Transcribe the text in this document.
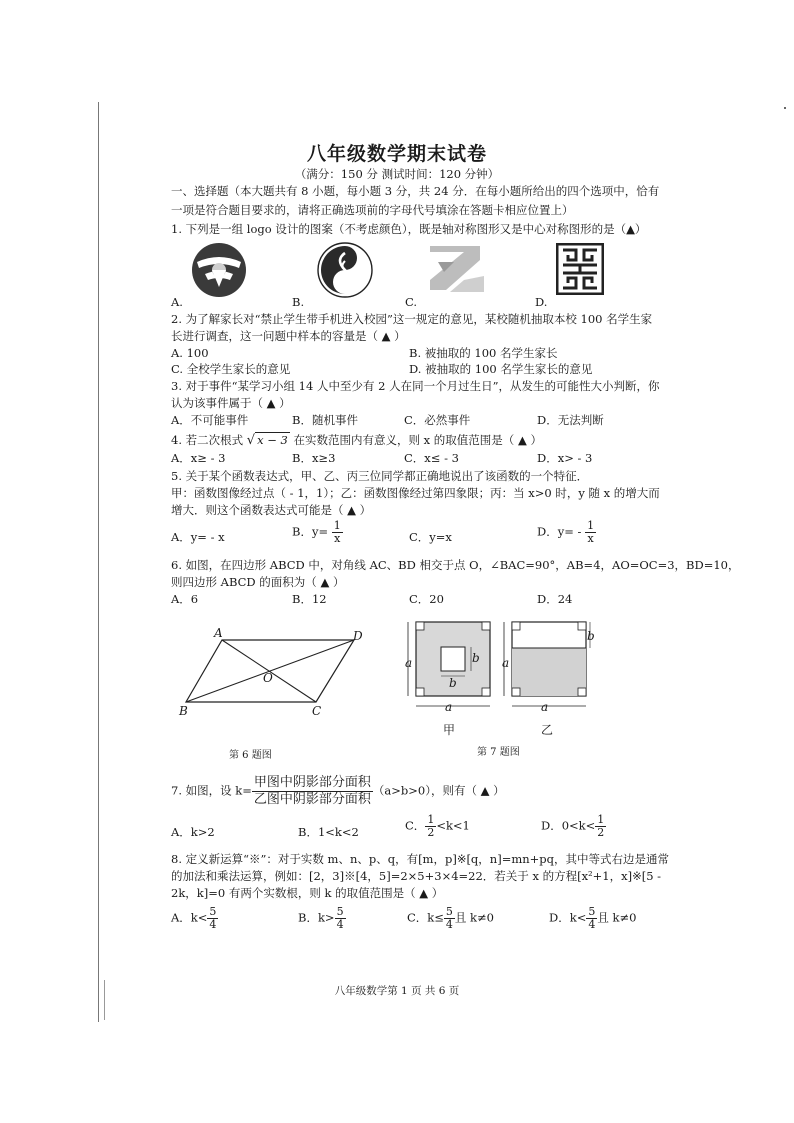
八年级数学期末试卷
（满分：150 分 测试时间：120 分钟）
一、选择题（本大题共有 8 小题，每小题 3 分，共 24 分．在每小题所给出的四个选项中，恰有
一项是符合题目要求的，请将正确选项前的字母代号填涂在答题卡相应位置上）
1. 下列是一组 logo 设计的图案（不考虑颜色），既是轴对称图形又是中心对称图形的是（▲）
A.	B.	C.	D.
2. 为了解家长对“禁止学生带手机进入校园”这一规定的意见，某校随机抽取本校 100 名学生家
长进行调查，这一问题中样本的容量是（ ▲ ）
A. 100	B. 被抽取的 100 名学生家长
C. 全校学生家长的意见	D. 被抽取的 100 名学生家长的意见
3. 对于事件“某学习小组 14 人中至少有 2 人在同一个月过生日”，从发生的可能性大小判断，你
认为该事件属于（ ▲ ）
A．不可能事件	B．随机事件	C．必然事件	D．无法判断
4. 若二次根式 √ x − 3 在实数范围内有意义，则 x 的取值范围是（ ▲ ）
A．x≥ - 3	B．x≥3	C．x≤ - 3	D．x> - 3
5. 关于某个函数表达式，甲、乙、丙三位同学都正确地说出了该函数的一个特征．
甲：函数图像经过点（ - 1，1）；乙：函数图像经过第四象限；丙：当 x>0 时，y 随 x 的增大而
增大．则这个函数表达式可能是（ ▲ ）
A．y= - x	B．$y= \frac{1}{x}$	C．y=x	D．$y= - \frac{1}{x}$
6. 如图，在四边形 ABCD 中，对角线 AC、BD 相交于点 O，∠BAC=90°，AB=4，AO=OC=3，BD=10，
则四边形 ABCD 的面积为（ ▲ ）
A．6	B．12	C．20	D．24
A	D
B	C
O
第 6 题图
a
a
b
b
甲
a
a
b
乙
第 7 题图
7. 如图，设 $k= \frac{\text{甲图中阴影部分面积}}{\text{乙图中阴影部分面积}} (a>b>0)$，则有（ ▲ ）
A．k>2	B．1<k<2	C． $\frac{1}{2} <k<1$	D．$0<k< \frac{1}{2}$
8. 定义新运算“※”：对于实数 m、n、p、q，有[m，p]※[q，n]=mn+pq，其中等式右边是通常
的加法和乘法运算，例如：[2，3]※[4，5]=2×5+3×4=22．若关于 x 的方程[x²+1，x]※[5 -
2k，k]=0 有两个实数根，则 k 的取值范围是（ ▲ ）
A．$k< \frac{5}{4}$	B．$k> \frac{5}{4}$	C．$k\le \frac{5}{4}$ 且 k≠0	D．$k< \frac{5}{4}$ 且 k≠0
八年级数学第 1 页 共 6 页
